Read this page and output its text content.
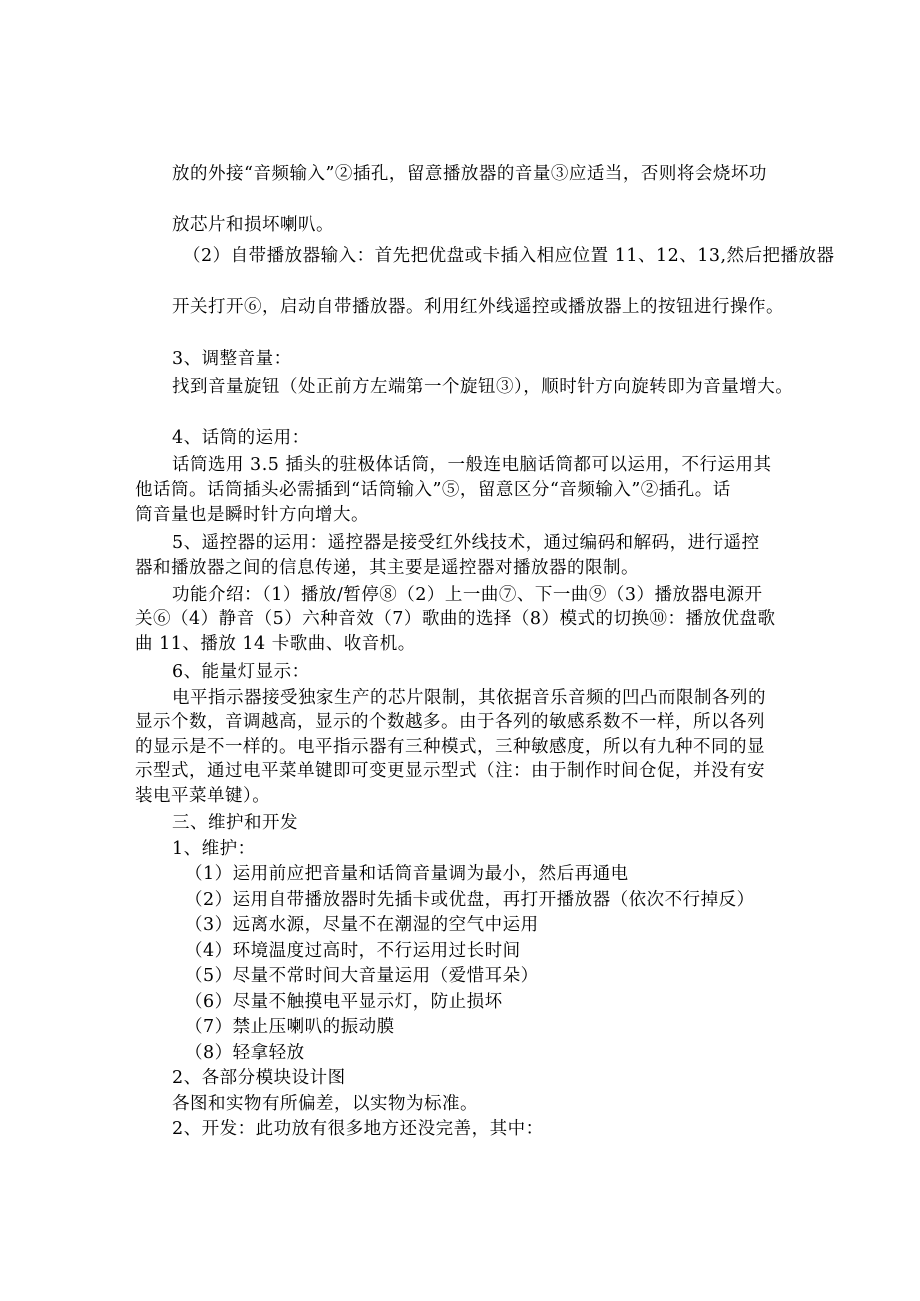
放的外接“音频输入”②插孔，留意播放器的音量③应适当，否则将会烧坏功
放芯片和损坏喇叭。
（2）自带播放器输入：首先把优盘或卡插入相应位置 11、12、13,然后把播放器
开关打开⑥，启动自带播放器。利用红外线遥控或播放器上的按钮进行操作。
3、调整音量：
找到音量旋钮（处正前方左端第一个旋钮③），顺时针方向旋转即为音量增大。
4、话筒的运用：
话筒选用 3.5 插头的驻极体话筒，一般连电脑话筒都可以运用，不行运用其
他话筒。话筒插头必需插到“话筒输入”⑤，留意区分“音频输入”②插孔。话
筒音量也是瞬时针方向增大。
5、遥控器的运用：遥控器是接受红外线技术，通过编码和解码，进行遥控
器和播放器之间的信息传递，其主要是遥控器对播放器的限制。
功能介绍：（1）播放/暂停⑧（2）上一曲⑦、下一曲⑨（3）播放器电源开
关⑥（4）静音（5）六种音效（7）歌曲的选择（8）模式的切换⑩：播放优盘歌
曲 11、播放 14 卡歌曲、收音机。
6、能量灯显示：
电平指示器接受独家生产的芯片限制，其依据音乐音频的凹凸而限制各列的
显示个数，音调越高，显示的个数越多。由于各列的敏感系数不一样，所以各列
的显示是不一样的。电平指示器有三种模式，三种敏感度，所以有九种不同的显
示型式，通过电平菜单键即可变更显示型式（注：由于制作时间仓促，并没有安
装电平菜单键）。
三、维护和开发
1、维护：
（1）运用前应把音量和话筒音量调为最小，然后再通电
（2）运用自带播放器时先插卡或优盘，再打开播放器（依次不行掉反）
（3）远离水源，尽量不在潮湿的空气中运用
（4）环境温度过高时，不行运用过长时间
（5）尽量不常时间大音量运用（爱惜耳朵）
（6）尽量不触摸电平显示灯，防止损坏
（7）禁止压喇叭的振动膜
（8）轻拿轻放
2、各部分模块设计图
各图和实物有所偏差，以实物为标准。
2、开发：此功放有很多地方还没完善，其中：
